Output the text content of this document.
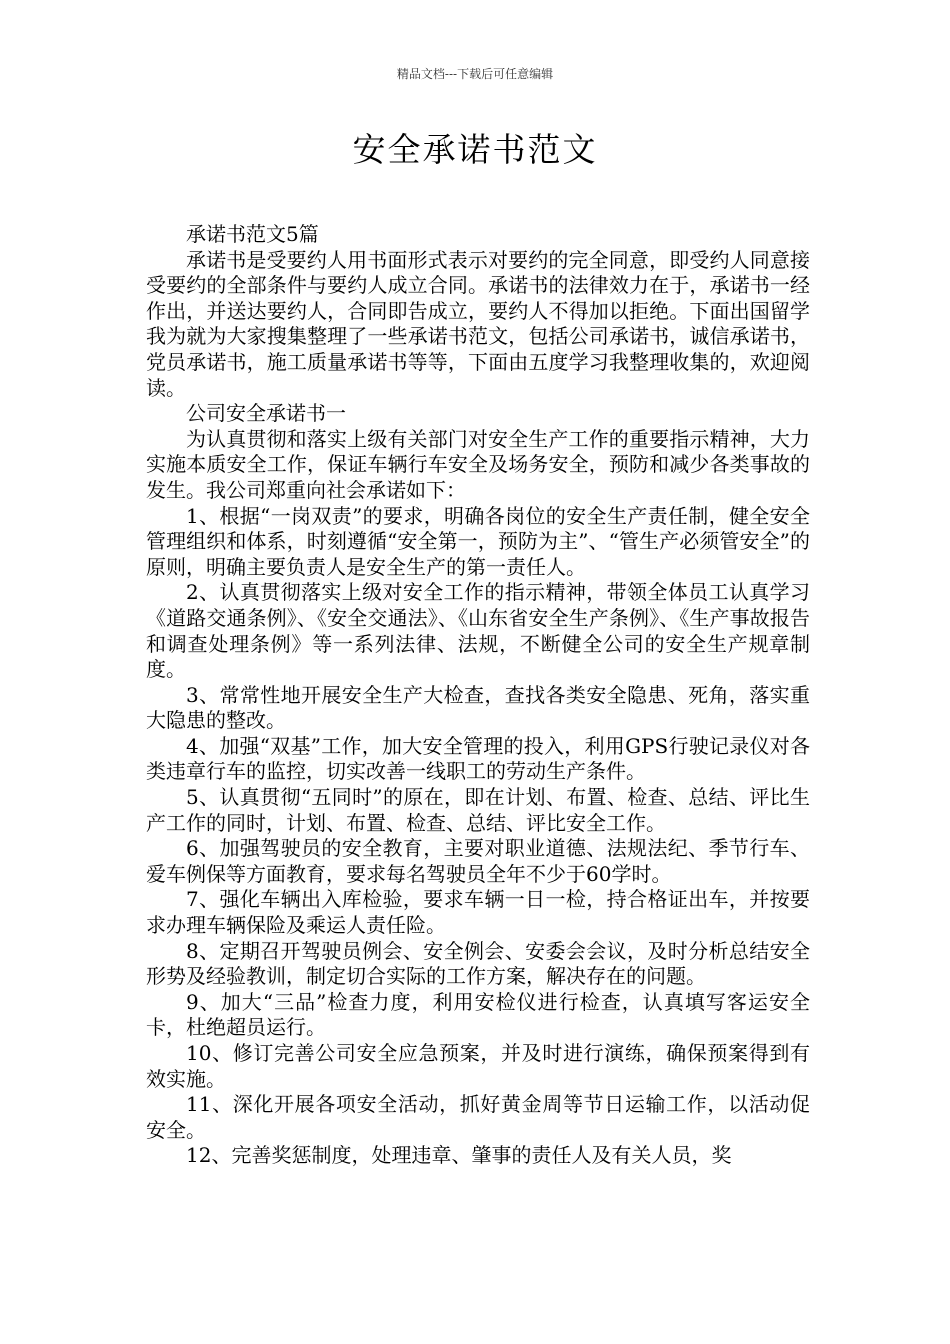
精品文档---下载后可任意编辑
安全承诺书范文

承诺书范文5篇

承诺书是受要约人用书面形式表示对要约的完全同意，即受约人同意接受要约的全部条件与要约人成立合同。承诺书的法律效力在于，承诺书一经作出，并送达要约人，合同即告成立，要约人不得加以拒绝。下面出国留学我为就为大家搜集整理了一些承诺书范文，包括公司承诺书，诚信承诺书，党员承诺书，施工质量承诺书等等，下面由五度学习我整理收集的，欢迎阅读。

公司安全承诺书一

为认真贯彻和落实上级有关部门对安全生产工作的重要指示精神，大力实施本质安全工作，保证车辆行车安全及场务安全，预防和减少各类事故的发生。我公司郑重向社会承诺如下：

1、根据“一岗双责”的要求，明确各岗位的安全生产责任制，健全安全管理组织和体系，时刻遵循“安全第一，预防为主”、“管生产必须管安全”的原则，明确主要负责人是安全生产的第一责任人。

2、认真贯彻落实上级对安全工作的指示精神，带领全体员工认真学习《道路交通条例》、《安全交通法》、《山东省安全生产条例》、《生产事故报告和调查处理条例》等一系列法律、法规，不断健全公司的安全生产规章制度。

3、常常性地开展安全生产大检查，查找各类安全隐患、死角，落实重大隐患的整改。

4、加强“双基”工作，加大安全管理的投入，利用GPS行驶记录仪对各类违章行车的监控，切实改善一线职工的劳动生产条件。

5、认真贯彻“五同时”的原在，即在计划、布置、检查、总结、评比生产工作的同时，计划、布置、检查、总结、评比安全工作。

6、加强驾驶员的安全教育，主要对职业道德、法规法纪、季节行车、爱车例保等方面教育，要求每名驾驶员全年不少于60学时。

7、强化车辆出入库检验，要求车辆一日一检，持合格证出车，并按要求办理车辆保险及乘运人责任险。

8、定期召开驾驶员例会、安全例会、安委会会议，及时分析总结安全形势及经验教训，制定切合实际的工作方案，解决存在的问题。

9、加大“三品”检查力度，利用安检仪进行检查，认真填写客运安全卡，杜绝超员运行。

10、修订完善公司安全应急预案，并及时进行演练，确保预案得到有效实施。

11、深化开展各项安全活动，抓好黄金周等节日运输工作，以活动促安全。

12、完善奖惩制度，处理违章、肇事的责任人及有关人员，奖
